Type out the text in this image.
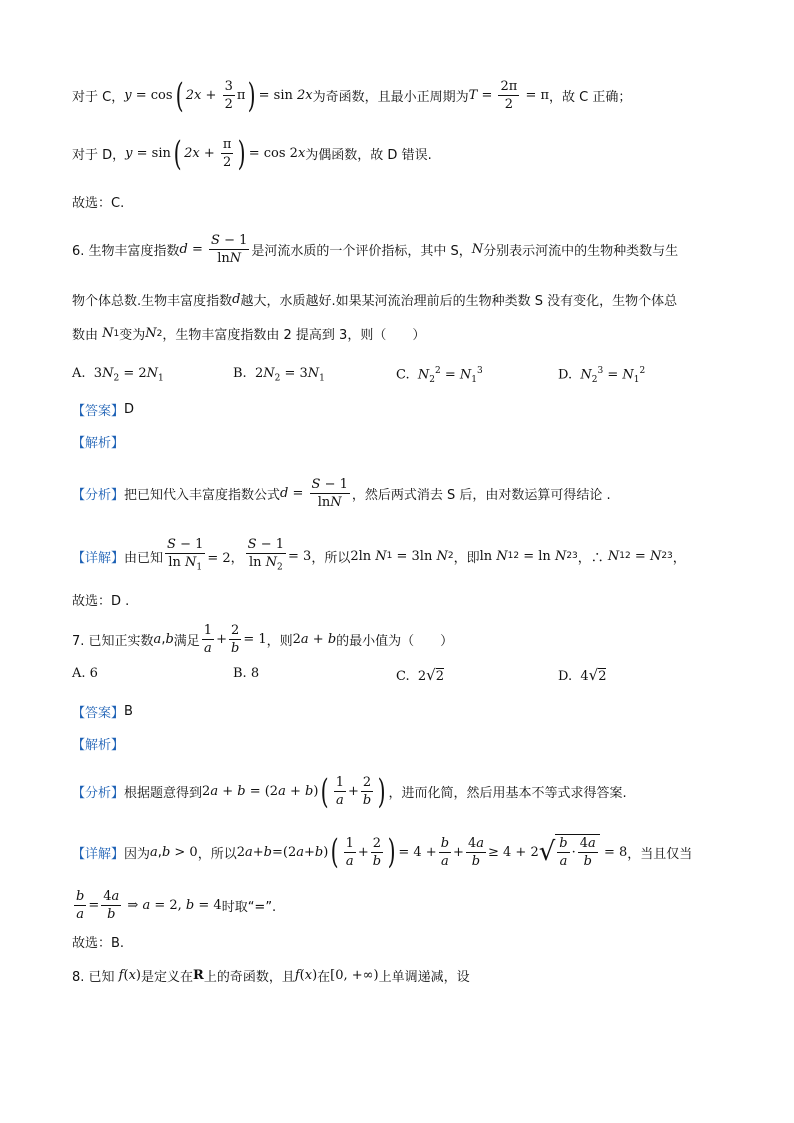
对于 C， y = cos ( $2x + \frac{3}{2}$ π ) = sin 2x 为奇函数，且最小正周期为 $T = \frac{2\pi}{2} = \pi$ ，故 C 正确；
对于 D， y = sin ( $2x + \frac{\pi}{2}$ ) = cos 2 x 为偶函数，故 D 错误.
故选：C.
6. 生物丰富度指数 $d = \frac{S - 1}{\ln N}$ 是河流水质的一个评价指标，其中 S， N 分别表示河流中的生物种类数与生
物个体总数.生物丰富度指数 d 越大，水质越好.如果某河流治理前后的生物种类数 S 没有变化，生物个体总
数由 N 1 变为 N 2 ，生物丰富度指数由 2 提高到 3，则（　　）
A.  $3N_2 = 2N_1$	B.  $2N_2 = 3N_1$	C. $N_2^2 = N_1^3$	D. $N_2^3 = N_1^2$
【答案】 D
【解析】
【分析】 把已知代入丰富度指数公式 $d = \frac{S - 1}{\ln N}$ ，然后两式消去 S 后，由对数运算可得结论 .
【详解】 由已知 $\frac{S - 1}{\ln N_1} = 2$， $\frac{S - 1}{\ln N_2} = 3$ ，所以 2ln N 1 = 3ln N 2 ，即 ln N 1 2 = ln N 2 3 ，∴ N 1 2 = N 2 3 ，
故选：D .
7. 已知正实数 a , b 满足 $\frac{1}{a} + \frac{2}{b} = 1$ ，则 2 a + b 的最小值为（　　）
A. 6	B. 8	C.  2√2	D.  4√2
【答案】 B
【解析】
【分析】 根据题意得到 2 a + b = (2 a + b ) ( $\frac{1}{a} + \frac{2}{b}$ ) ，进而化简，然后用基本不等式求得答案.
【详解】 因为 a , b > 0 ，所以 2 a + b =(2 a + b ) ( $\frac{1}{a} + \frac{2}{b}$ ) = $4 + \frac{b}{a} + \frac{4a}{b} \ge 4 + 2$ √ $\frac{b}{a} \cdot \frac{4a}{b} = 8$ ，当且仅当
$\frac{b}{a} = \frac{4a}{b}$ ⇒ a = 2, b = 4 时取“=”.
故选：B.
8. 已知 f ( x ) 是定义在 R 上的奇函数，且 f ( x ) 在 [0, +∞) 上单调递减，设
